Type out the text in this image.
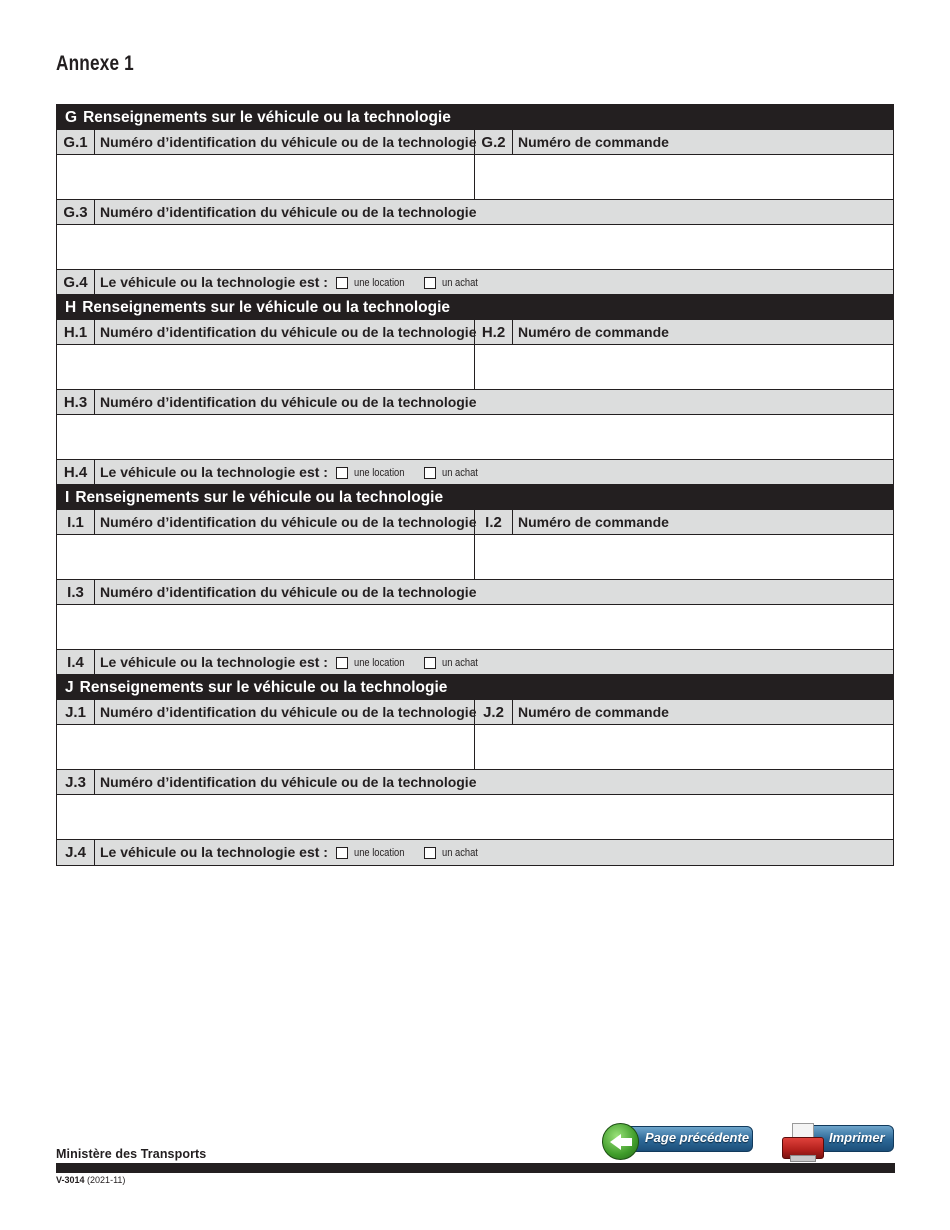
Annexe 1
G Renseignements sur le véhicule ou la technologie
G.1 Numéro d’identification du véhicule ou de la technologie G.2 Numéro de commande
G.3 Numéro d’identification du véhicule ou de la technologie
G.4 Le véhicule ou la technologie est : une location	un achat
H Renseignements sur le véhicule ou la technologie
H.1 Numéro d’identification du véhicule ou de la technologie H.2 Numéro de commande
H.3 Numéro d’identification du véhicule ou de la technologie
H.4 Le véhicule ou la technologie est : une location	un achat
I Renseignements sur le véhicule ou la technologie
I.1	Numéro d’identification du véhicule ou de la technologie I.2	Numéro de commande
I.3	Numéro d’identification du véhicule ou de la technologie
I.4	Le véhicule ou la technologie est : une location	un achat
J Renseignements sur le véhicule ou la technologie
J.1	Numéro d’identification du véhicule ou de la technologie J.2	Numéro de commande
J.3	Numéro d’identification du véhicule ou de la technologie
J.4	Le véhicule ou la technologie est : une location	un achat
Page précédente	Imprimer
Ministère des Transports
V-3014 (2021-11)
